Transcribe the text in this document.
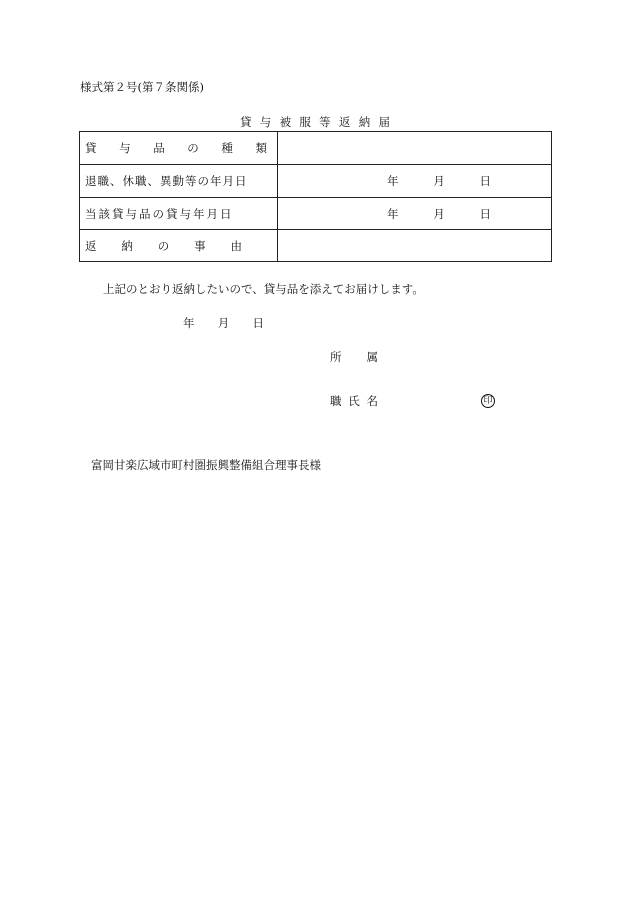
様式第２号(第７条関係)
貸 与 被 服 等 返 納 届
貸 与 品 の 種 類
退職、休職、異動等の年月日	年 月 日
当該貸与品の貸与年月日	年 月 日
返 納 の 事 由
上記のとおり返納したいので、貸与品を添えてお届けします。
年 月 日
所 属
職 氏 名	印
富岡甘楽広域市町村圏振興整備組合理事長様
